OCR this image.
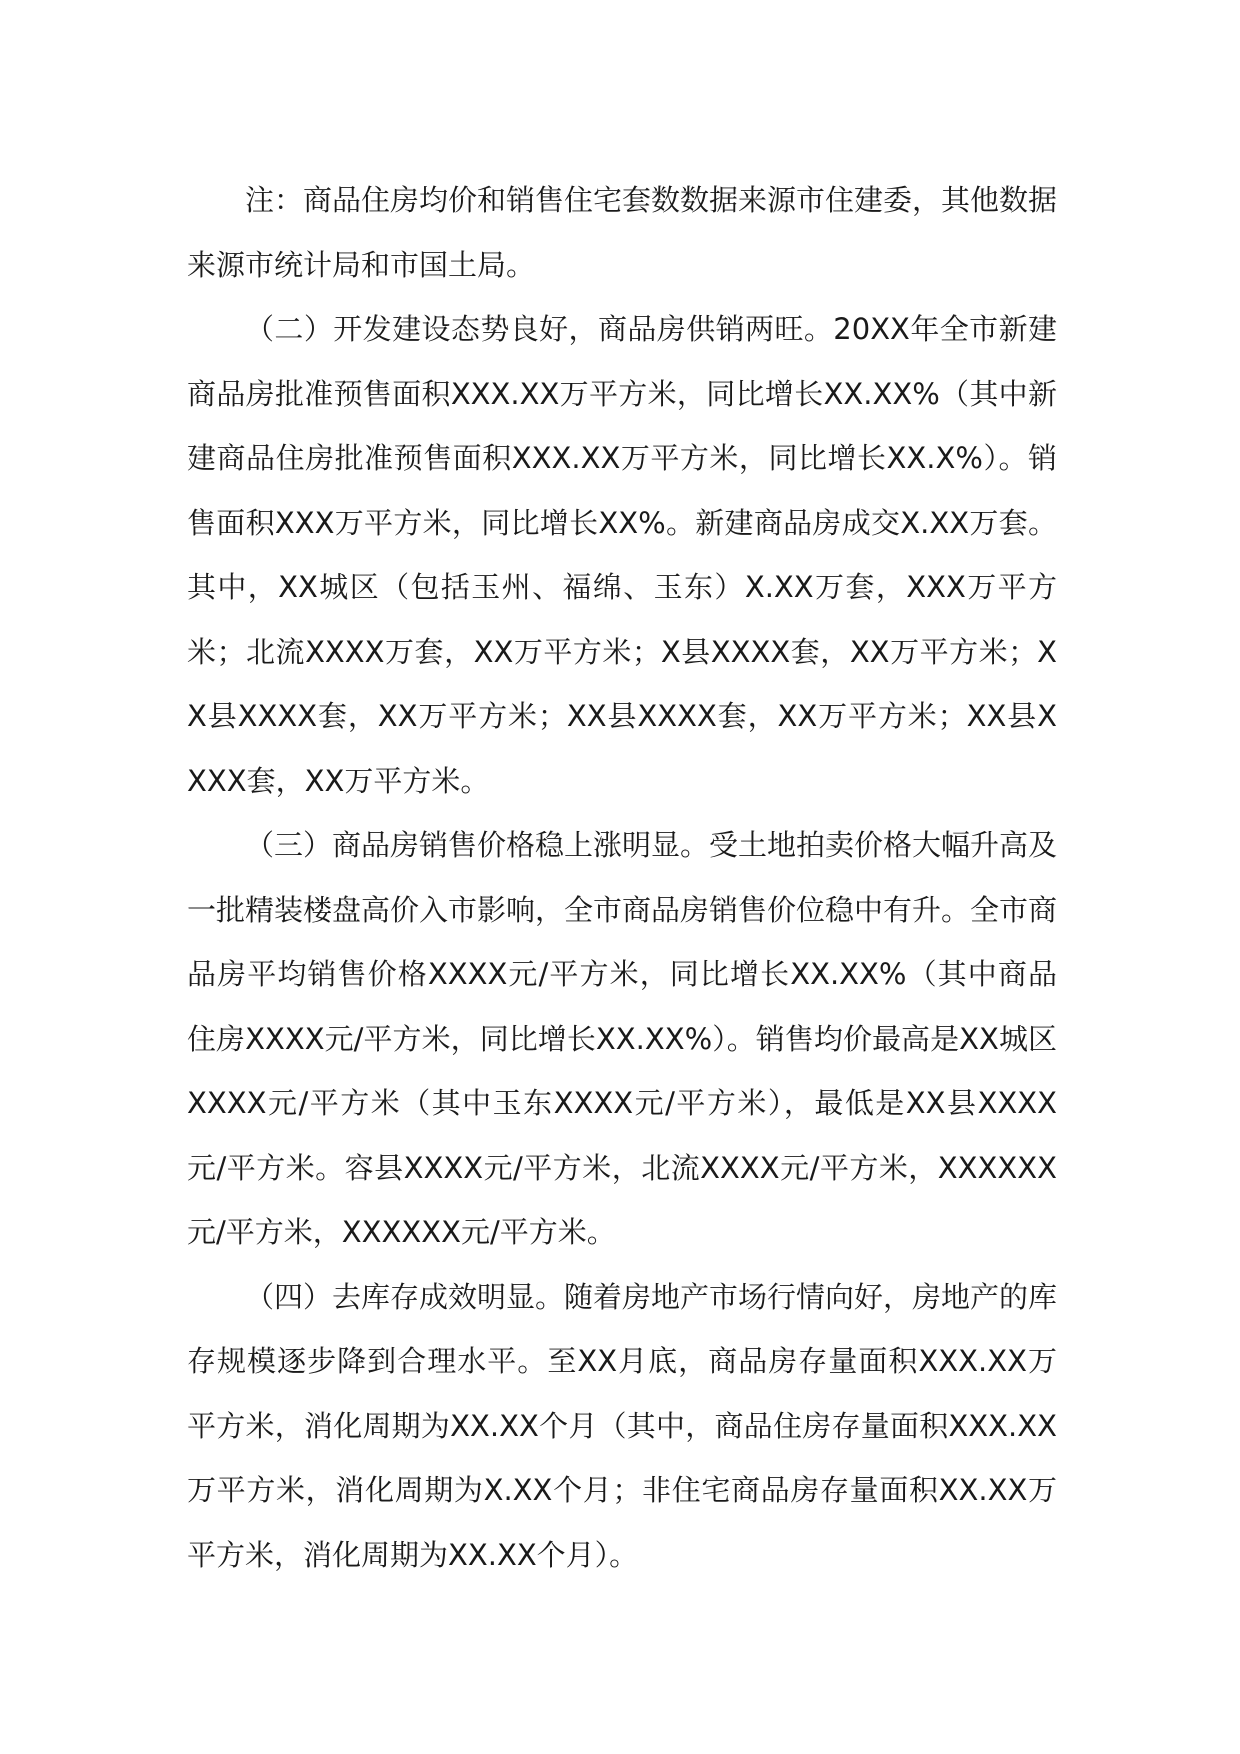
注：商品住房均价和销售住宅套数数据来源市住建委，其他数据来源市统计局和市国土局。

（二）开发建设态势良好，商品房供销两旺。20XX年全市新建商品房批准预售面积XXX.XX万平方米，同比增长XX.XX%（其中新建商品住房批准预售面积XXX.XX万平方米，同比增长XX.X%）。销售面积XXX万平方米，同比增长XX%。新建商品房成交X.XX万套。其中，XX城区（包括玉州、福绵、玉东）X.XX万套，XXX万平方米；北流XXXX万套，XX万平方米；X县XXXX套，XX万平方米；XX县XXXX套，XX万平方米；XX县XXXX套，XX万平方米；XX县XXXX套，XX万平方米。

（三）商品房销售价格稳上涨明显。受土地拍卖价格大幅升高及一批精装楼盘高价入市影响，全市商品房销售价位稳中有升。全市商品房平均销售价格XXXX元/平方米，同比增长XX.XX%（其中商品住房XXXX元/平方米，同比增长XX.XX%）。销售均价最高是XX城区XXXX元/平方米（其中玉东XXXX元/平方米），最低是XX县XXXX元/平方米。容县XXXX元/平方米，北流XXXX元/平方米，XXXXXX元/平方米，XXXXXX元/平方米。

（四）去库存成效明显。随着房地产市场行情向好，房地产的库存规模逐步降到合理水平。至XX月底，商品房存量面积XXX.XX万平方米，消化周期为XX.XX个月（其中，商品住房存量面积XXX.XX万平方米，消化周期为X.XX个月；非住宅商品房存量面积XX.XX万平方米，消化周期为XX.XX个月）。
